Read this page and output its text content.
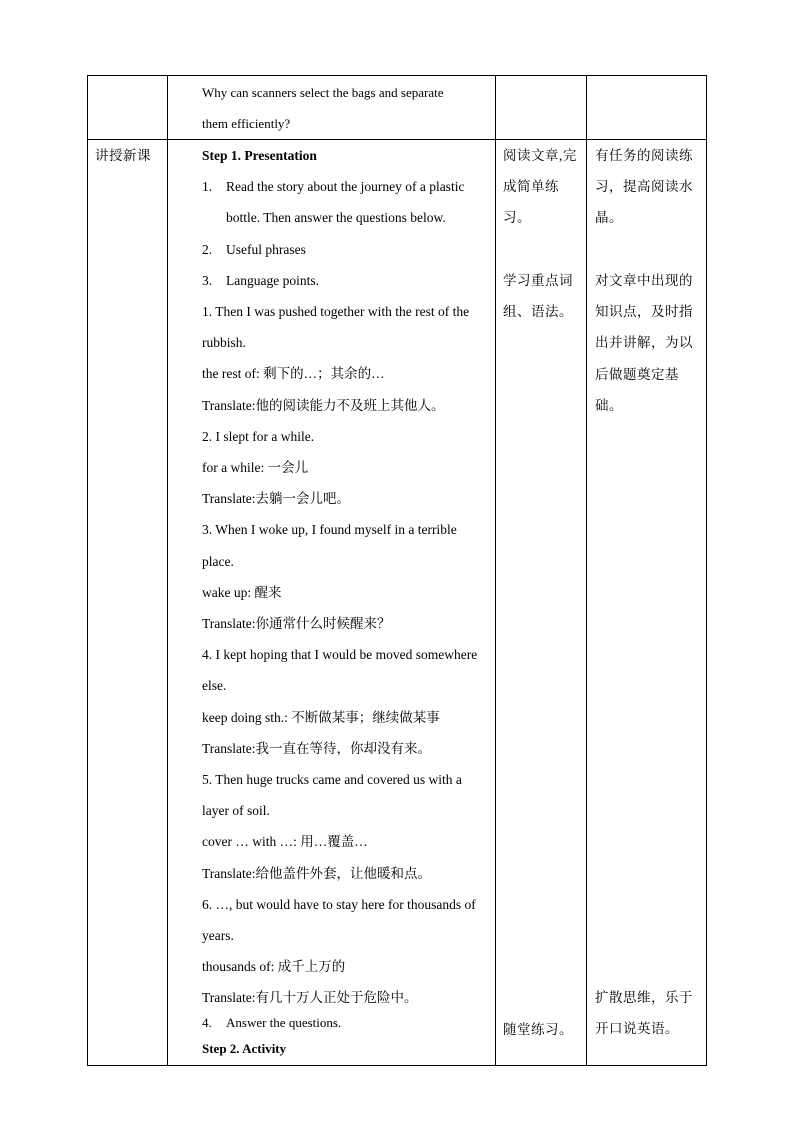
Why can scanners select the bags and separate
them efficiently?
讲授新课	Step 1. Presentation
1. Read the story about the journey of a plastic
bottle. Then answer the questions below.
2. Useful phrases
3. Language points.
1. Then I was pushed together with the rest of the
rubbish.
the rest of: 剩下的…；其余的…
Translate:他的阅读能力不及班上其他人。
2. I slept for a while.
for a while: 一会儿
Translate:去躺一会儿吧。
3. When I woke up, I found myself in a terrible
place.
wake up: 醒来
Translate:你通常什么时候醒来？
4. I kept hoping that I would be moved somewhere
else.
keep doing sth.: 不断做某事；继续做某事
Translate:我一直在等待，你却没有来。
5. Then huge trucks came and covered us with a
layer of soil.
cover … with …: 用…覆盖…
Translate:给他盖件外套，让他暖和点。
6. …, but would have to stay here for thousands of
years.
thousands of: 成千上万的
Translate:有几十万人正处于危险中。
4. Answer the questions.
Step 2. Activity
阅读文章,完
成简单练习。
学习重点词
组、语法。
随堂练习。
有任务的阅读练
习，提高阅读水
晶。
对文章中出现的
知识点，及时指
出并讲解，为以
后做题奠定基础。
扩散思维，乐于
开口说英语。
